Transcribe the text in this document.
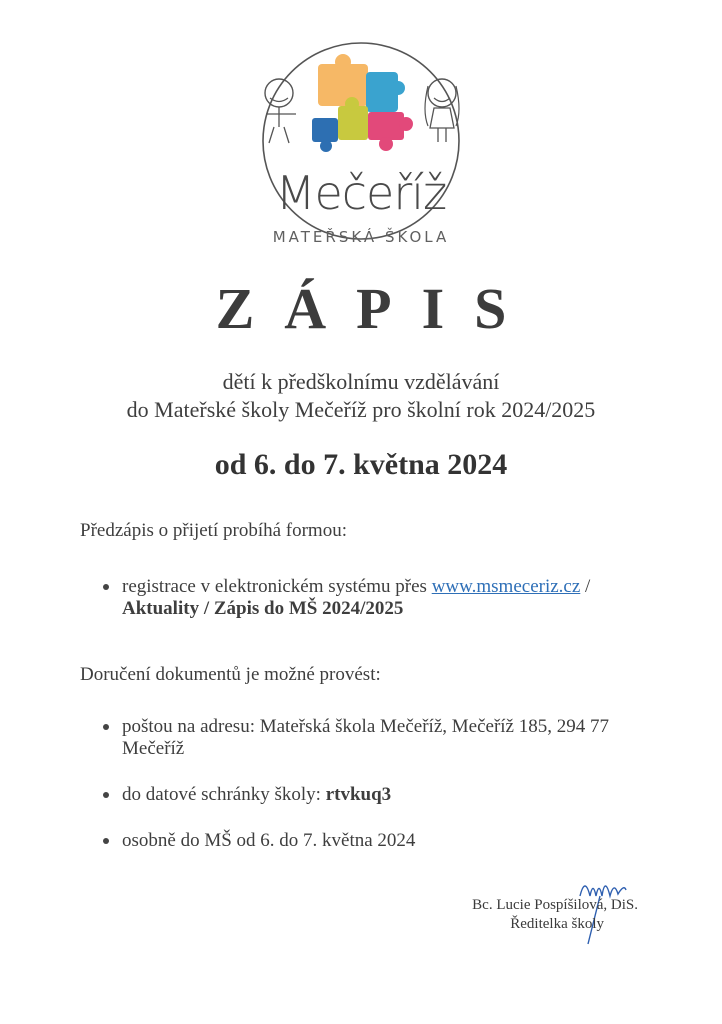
Mečeříž
MATEŘSKÁ ŠKOLA
ZÁPIS
dětí k předškolnímu vzdělávání
do Mateřské školy Mečeříž pro školní rok 2024/2025
od 6. do 7. května 2024
Předzápis o přijetí probíhá formou:
registrace v elektronickém systému přes www.msmeceriz.cz /
Aktuality / Zápis do MŠ 2024/2025
Doručení dokumentů je možné provést:
poštou na adresu: Mateřská škola Mečeříž, Mečeříž 185, 294 77 Mečeříž
do datové schránky školy: rtvkuq3
osobně do MŠ od 6. do 7. května 2024
Bc. Lucie Pospíšilová, DiS.
Ředitelka školy
